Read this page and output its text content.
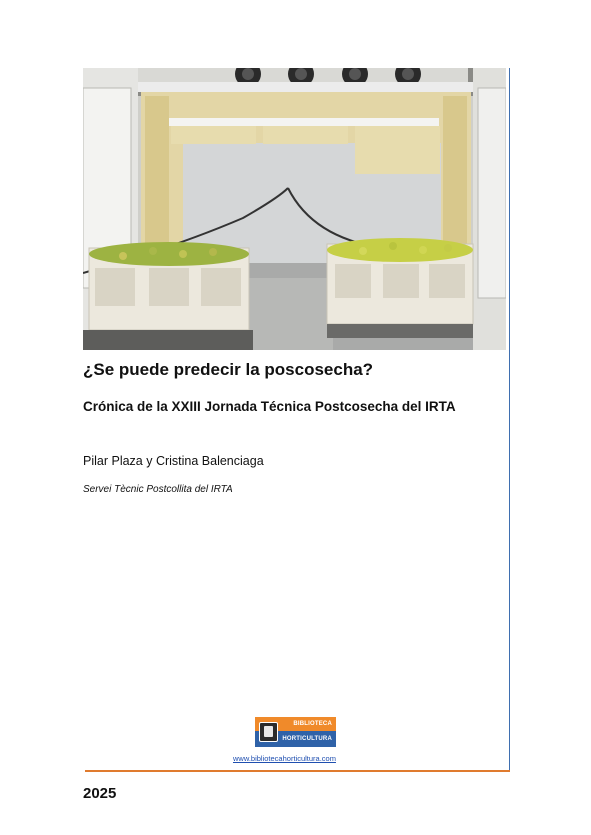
¿Se puede predecir la poscosecha?
Crónica de la XXIII Jornada Técnica Postcosecha del IRTA

Pilar Plaza y Cristina Balenciaga

Servei Tècnic Postcollita del IRTA

BIBLIOTECA
HORTICULTURA
www.bibliotecahorticultura.com

2025
